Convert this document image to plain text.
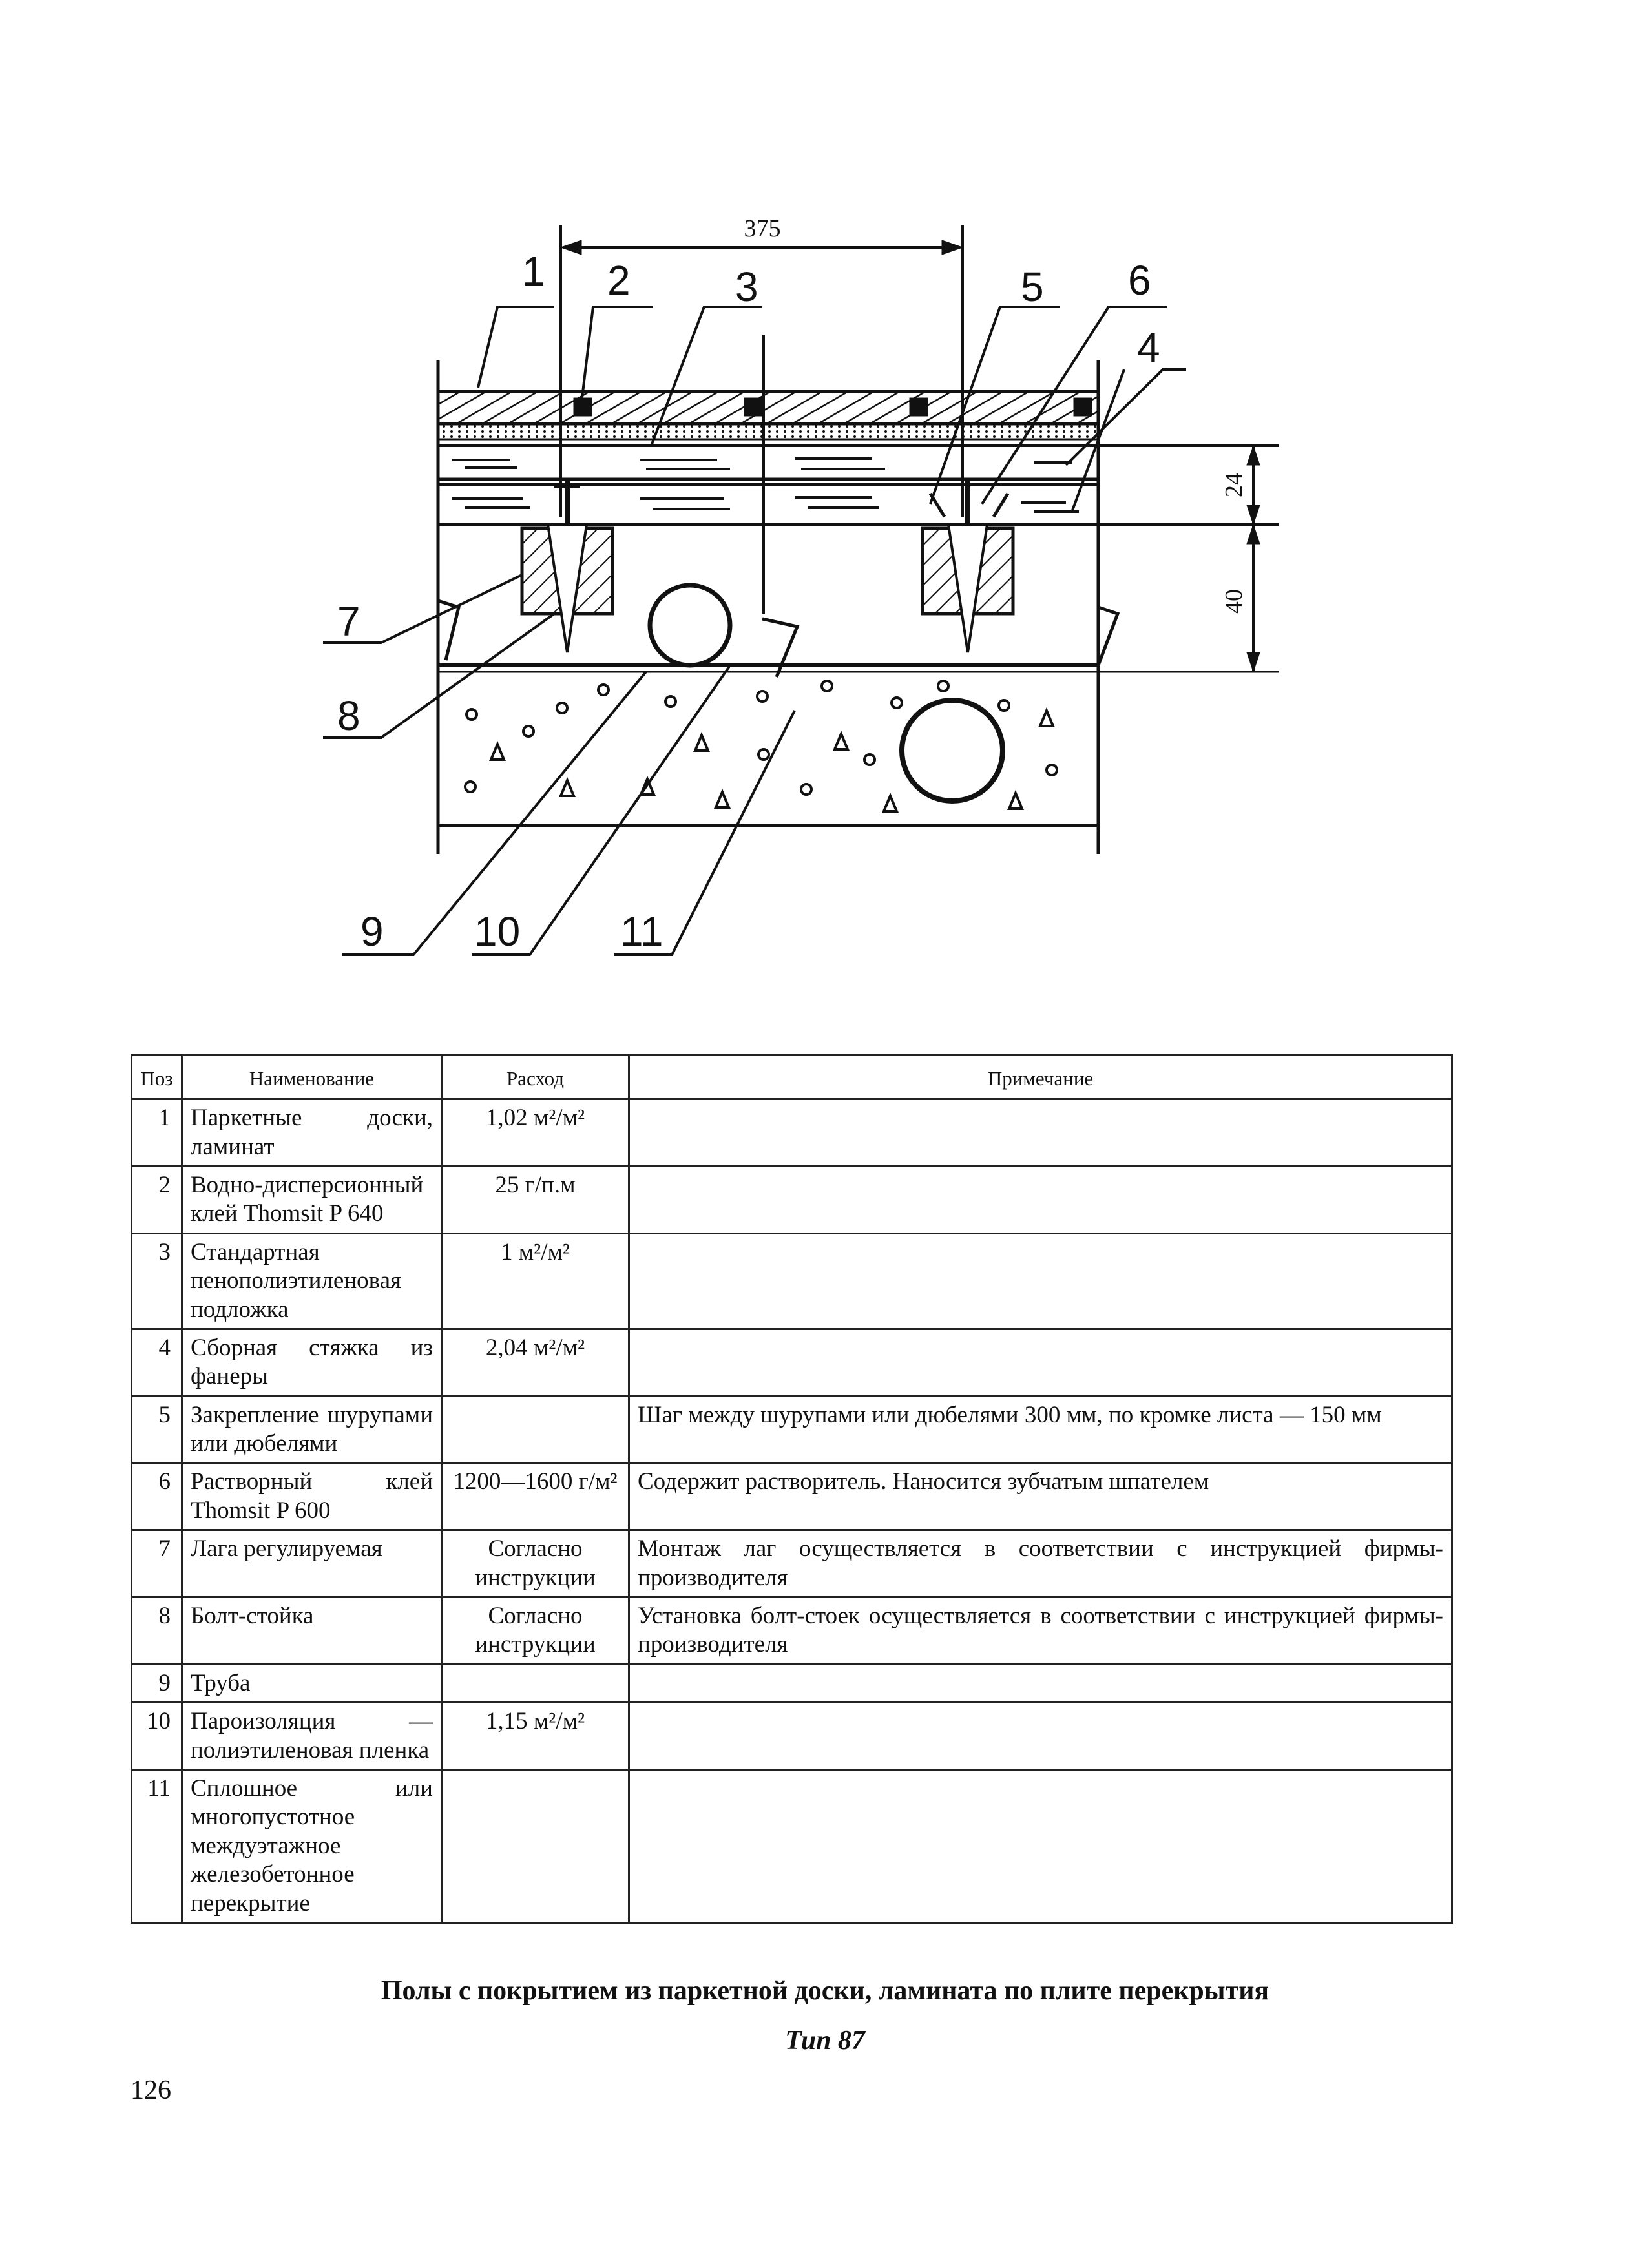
375
24
40
1 2	3
4
5 6
7
8
9 10 11
Поз	Наименование	Расход	Примечание
1	Паркетные доски, ламинат	1,02 м²/м²	
2	Водно-дисперсионный клей Thomsit P 640	25 г/п.м	
3	Стандартная пенополиэтиленовая подложка	1 м²/м²	
4	Сборная стяжка из фанеры	2,04 м²/м²	
5	Закрепление шурупами или дюбелями		Шаг между шурупами или дюбелями 300 мм, по кромке листа — 150 мм
6	Растворный клей Thomsit P 600	1200—1600 г/м²	Содержит растворитель. Наносится зубчатым шпателем
7	Лага регулируемая	Согласно инструкции	Монтаж лаг осуществляется в соответствии с инструкцией фирмы-производителя
8	Болт-стойка	Согласно инструкции	Установка болт-стоек осуществляется в соответствии с инструкцией фирмы-производителя
9	Труба		
10	Пароизоляция — полиэтиленовая пленка	1,15 м²/м²	
11	Сплошное или многопустотное междуэтажное железобетонное перекрытие		
Полы с покрытием из паркетной доски, ламината по плите перекрытия
Тип 87
126
